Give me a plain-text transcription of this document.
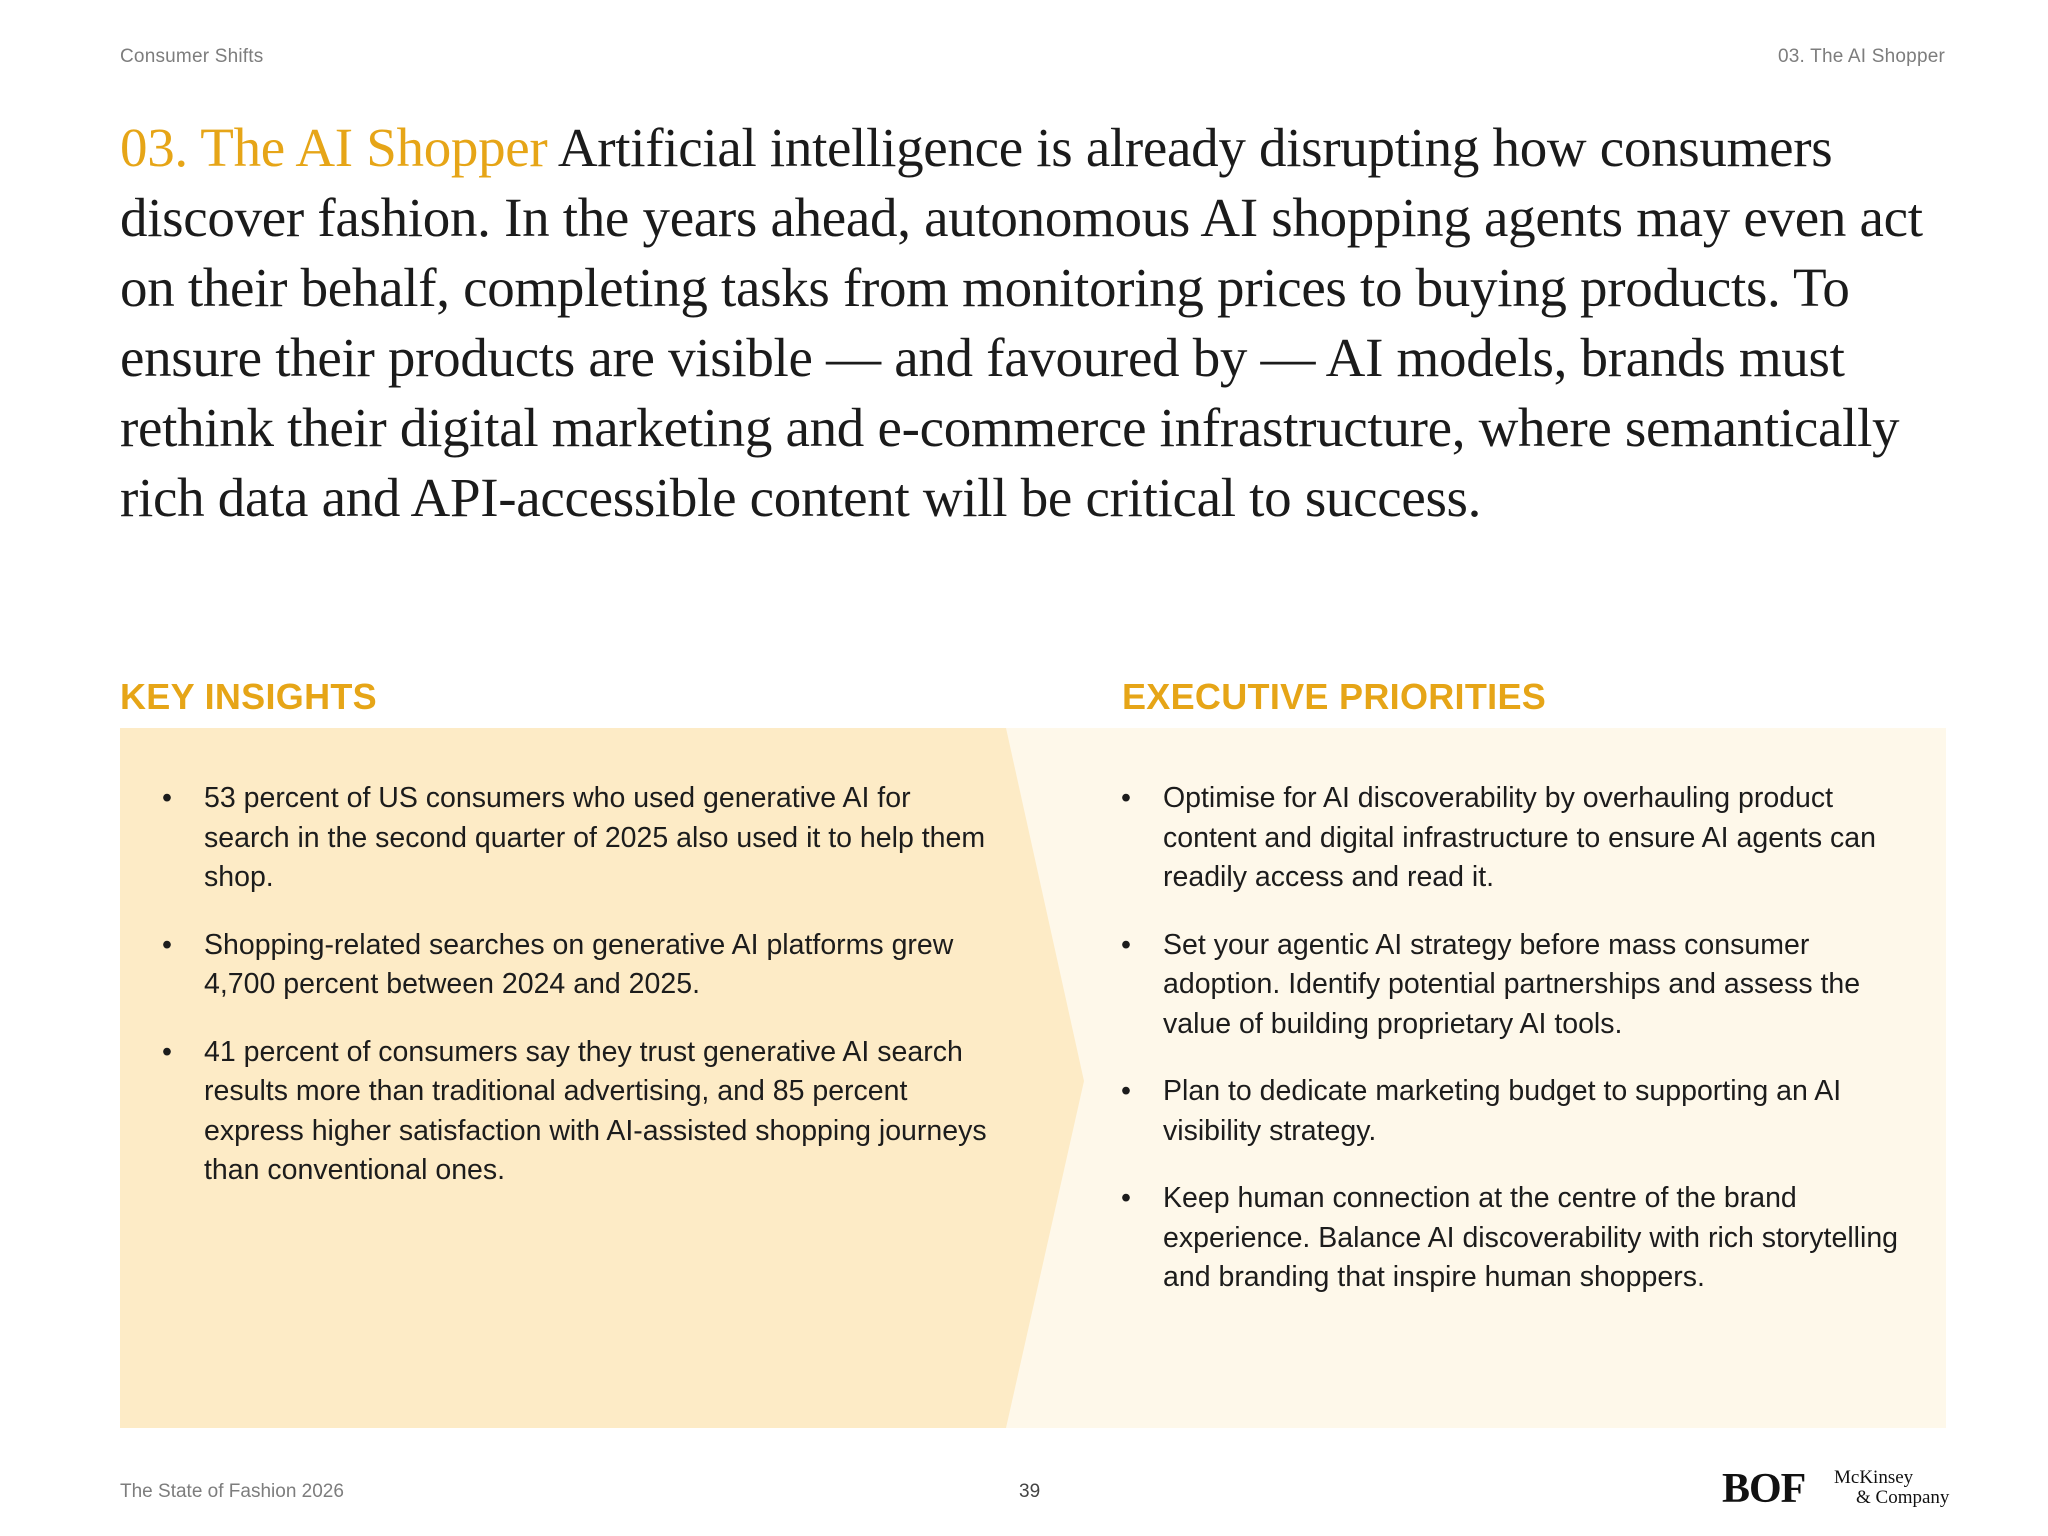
Consumer Shifts	03. The AI Shopper

03. The AI Shopper Artificial intelligence is already disrupting how consumers discover fashion. In the years ahead, autonomous AI shopping agents may even act on their behalf, completing tasks from monitoring prices to buying products. To ensure their products are visible — and favoured by — AI models, brands must rethink their digital marketing and e-commerce infrastructure, where semantically rich data and API-accessible content will be critical to success.

KEY INSIGHTS	EXECUTIVE PRIORITIES
• 53 percent of US consumers who used generative AI for search in the second quarter of 2025 also used it to help them shop.
• Shopping-related searches on generative AI platforms grew 4,700 percent between 2024 and 2025.
• 41 percent of consumers say they trust generative AI search results more than traditional advertising, and 85 percent express higher satisfaction with AI-assisted shopping journeys than conventional ones.
• Optimise for AI discoverability by overhauling product content and digital infrastructure to ensure AI agents can readily access and read it.
• Set your agentic AI strategy before mass consumer adoption. Identify potential partnerships and assess the value of building proprietary AI tools.
• Plan to dedicate marketing budget to supporting an AI visibility strategy.
• Keep human connection at the centre of the brand experience. Balance AI discoverability with rich storytelling and branding that inspire human shoppers.
The State of Fashion 2026	39	BOF McKinsey
& Company
